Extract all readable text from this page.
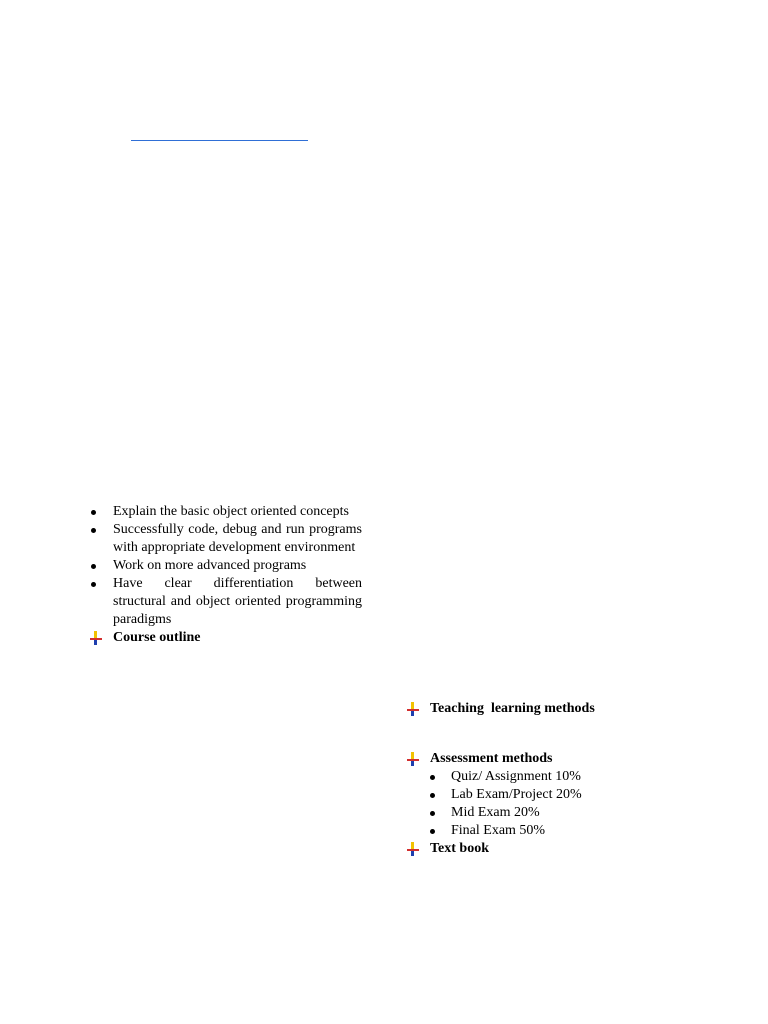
Explain the basic object oriented concepts
Successfully code, debug and run programs with appropriate development environment
Work on more advanced programs
Have clear differentiation between structural and object oriented programming paradigms
Course outline
Teaching  learning methods
Assessment methods
Quiz/ Assignment 10%
Lab Exam/Project 20%
Mid Exam 20%
Final Exam 50%
Text book
